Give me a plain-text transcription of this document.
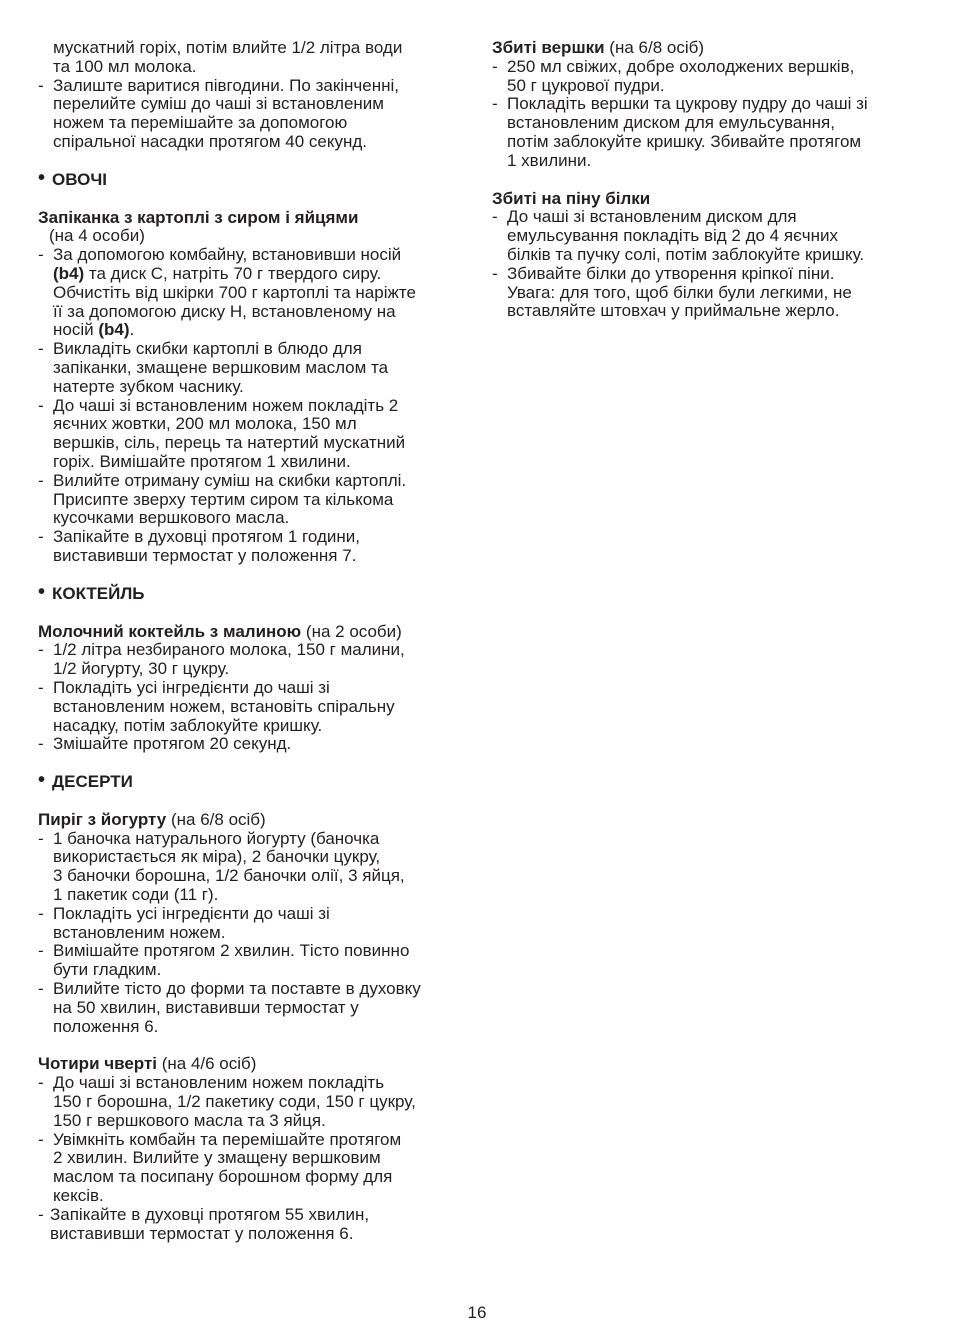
мускатний горіх, потім влийте 1/2 літра води
та 100 мл молока.
- Залиште варитися півгодини. По закінченні,
перелийте суміш до чаші зі встановленим
ножем та перемішайте за допомогою
спіральної насадки протягом 40 секунд.
• ОВОЧІ
Запіканка з картоплі з сиром і яйцями
(на 4 особи)
- За допомогою комбайну, встановивши носій
(b4) та диск С, натріть 70 г твердого сиру.
Обчистіть від шкірки 700 г картоплі та наріжте
її за допомогою диску Н, встановленому на
носій (b4).
- Викладіть скибки картоплі в блюдо для
запіканки, змащене вершковим маслом та
натерте зубком часнику.
- До чаші зі встановленим ножем покладіть 2
яєчних жовтки, 200 мл молока, 150 мл
вершків, сіль, перець та натертий мускатний
горіх. Вимішайте протягом 1 хвилини.
- Вилийте отриману суміш на скибки картоплі.
Присипте зверху тертим сиром та кількома
кусочками вершкового масла.
- Запікайте в духовці протягом 1 години,
виставивши термостат у положення 7.
• КОКТЕЙЛЬ
Молочний коктейль з малиною (на 2 особи)
- 1/2 літра незбираного молока, 150 г малини,
1/2 йогурту, 30 г цукру.
- Покладіть усі інгредієнти до чаші зі
встановленим ножем, встановіть спіральну
насадку, потім заблокуйте кришку.
- Змішайте протягом 20 секунд.
• ДЕСЕРТИ
Пиріг з йогурту (на 6/8 осіб)
- 1 баночка натурального йогурту (баночка
використається як міра), 2 баночки цукру,
3 баночки борошна, 1/2 баночки олії, 3 яйця,
1 пакетик соди (11 г).
- Покладіть усі інгредієнти до чаші зі
встановленим ножем.
- Вимішайте протягом 2 хвилин. Тісто повинно
бути гладким.
- Вилийте тісто до форми та поставте в духовку
на 50 хвилин, виставивши термостат у
положення 6.
Чотири чверті (на 4/6 осіб)
- До чаші зі встановленим ножем покладіть
150 г борошна, 1/2 пакетику соди, 150 г цукру,
150 г вершкового масла та 3 яйця.
- Увімкніть комбайн та перемішайте протягом
2 хвилин. Вилийте у змащену вершковим
маслом та посипану борошном форму для
кексів.
- Запікайте в духовці протягом 55 хвилин,
виставивши термостат у положення 6.
Збиті вершки (на 6/8 осіб)
- 250 мл свіжих, добре охолоджених вершків,
50 г цукрової пудри.
- Покладіть вершки та цукрову пудру до чаші зі
встановленим диском для емульсування,
потім заблокуйте кришку. Збивайте протягом
1 хвилини.
Збиті на піну білки
- До чаші зі встановленим диском для
емульсування покладіть від 2 до 4 яєчних
білків та пучку солі, потім заблокуйте кришку.
- Збивайте білки до утворення кріпкої піни.
Увага: для того, щоб білки були легкими, не
вставляйте штовхач у приймальне жерло.
16
